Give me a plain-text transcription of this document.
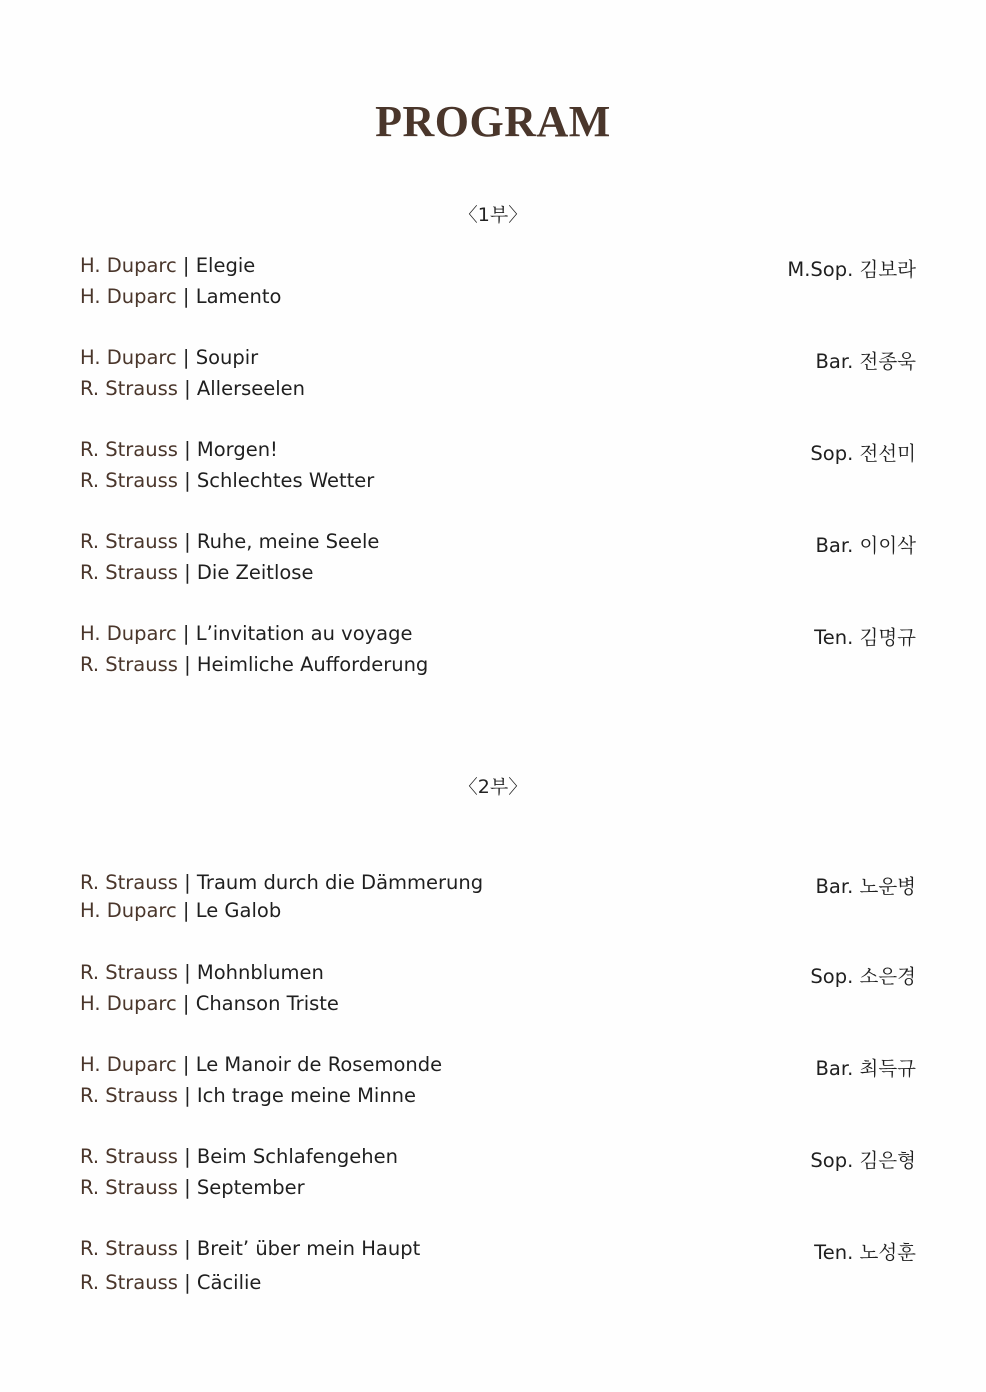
PROGRAM
〈1부〉
H. Duparc | Elegie	M.Sop. 김보라
H. Duparc | Lamento
H. Duparc | Soupir	Bar. 전종욱
R. Strauss | Allerseelen
R. Strauss | Morgen!	Sop. 전선미
R. Strauss | Schlechtes Wetter
R. Strauss | Ruhe, meine Seele	Bar. 이이삭
R. Strauss | Die Zeitlose
H. Duparc | L’invitation au voyage	Ten. 김명규
R. Strauss | Heimliche Aufforderung
〈2부〉
R. Strauss | Traum durch die Dämmerung	Bar. 노운병
H. Duparc | Le Galob
R. Strauss | Mohnblumen	Sop. 소은경
H. Duparc | Chanson Triste
H. Duparc | Le Manoir de Rosemonde	Bar. 최득규
R. Strauss | Ich trage meine Minne
R. Strauss | Beim Schlafengehen	Sop. 김은형
R. Strauss | September
R. Strauss | Breit’ über mein Haupt	Ten. 노성훈
R. Strauss | Cäcilie
